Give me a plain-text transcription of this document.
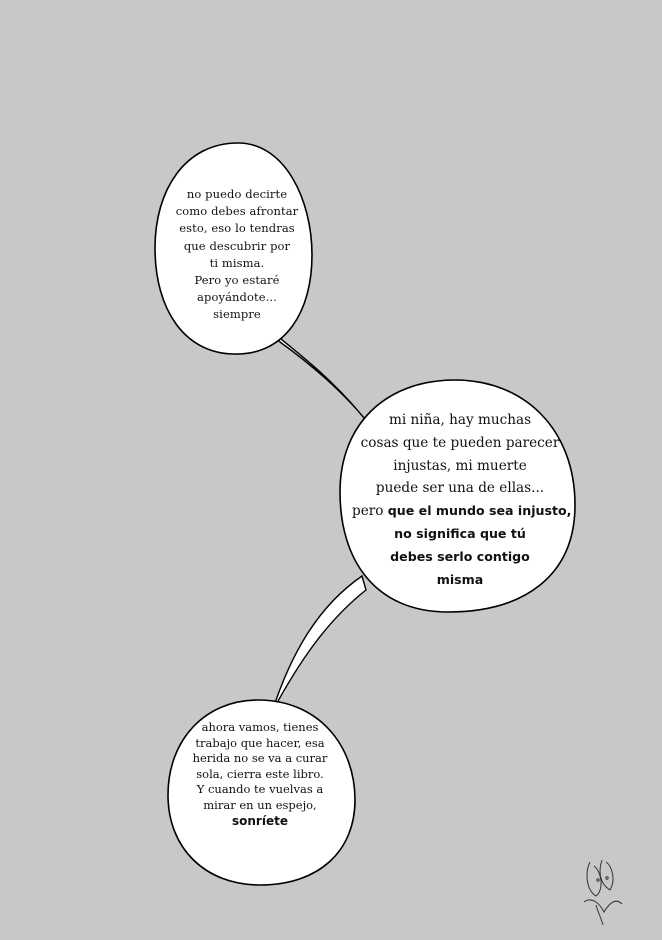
no puedo decirte
como debes afrontar
esto, eso lo tendras
que descubrir por
ti misma.
Pero yo estaré
apoyándote...
siempre
mi niña, hay muchas
cosas que te pueden parecer
injustas, mi muerte
puede ser una de ellas...
pero que el mundo sea injusto,
no significa que tú
debes serlo contigo
misma
ahora vamos, tienes
trabajo que hacer, esa
herida no se va a curar
sola, cierra este libro.
Y cuando te vuelvas a
mirar en un espejo,
sonríete
